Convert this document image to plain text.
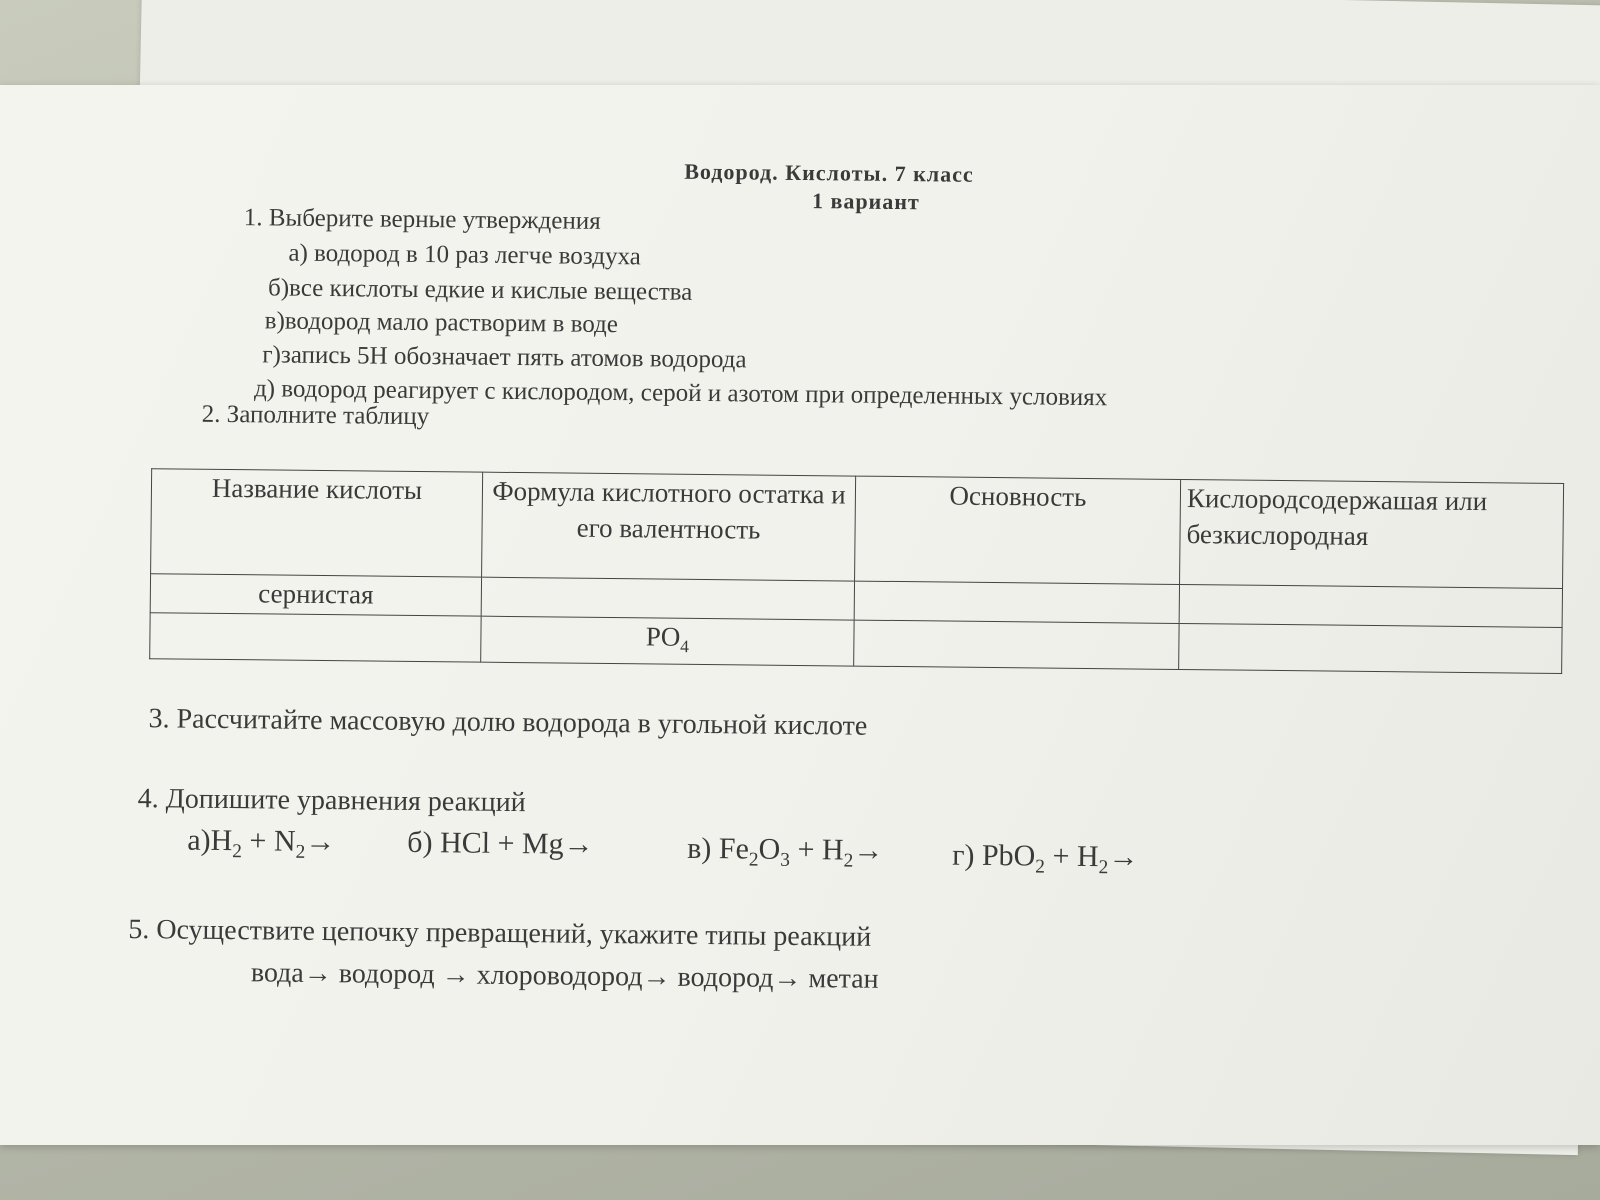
Водород. Кислоты. 7 класс
1 вариант
1. Выберите верные утверждения
а) водород в 10 раз легче воздуха
б)все кислоты едкие и кислые вещества
в)водород мало растворим в воде
г)запись 5Н обозначает пять атомов водорода
д) водород реагирует с кислородом, серой и азотом при определенных условиях
2. Заполните таблицу
Название кислоты	Формула кислотного остатка и его валентность	Основность	Кислородсодержашая или безкислородная
сернистая			
	$PO_4$		
3. Рассчитайте массовую долю водорода в угольной кислоте
4. Допишите уравнения реакций
$а)H_2 + N_2\to б$) HCl + Mg→	в) $Fe_2O_3 + H_2\to г$) $PbO_2 + H_2\to$
5. Осуществите цепочку превращений, укажите типы реакций
вода→ водород → хлороводород→ водород→ метан
